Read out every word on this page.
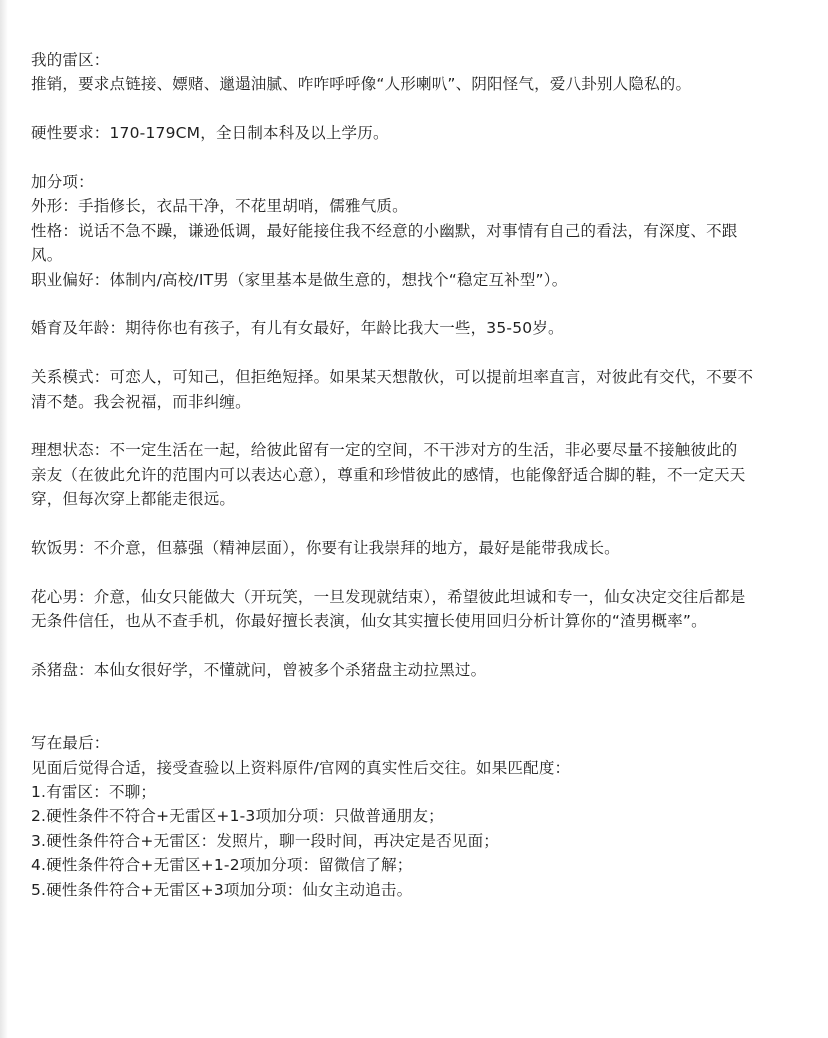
我的雷区：

推销，要求点链接、嫖赌、邋遢油腻、咋咋呼呼像“人形喇叭”、阴阳怪气，爱八卦别人隐私的。

硬性要求：170-179CM，全日制本科及以上学历。

加分项：

外形：手指修长，衣品干净，不花里胡哨，儒雅气质。

性格：说话不急不躁，谦逊低调，最好能接住我不经意的小幽默，对事情有自己的看法，有深度、不跟

风。

职业偏好：体制内/高校/IT男（家里基本是做生意的，想找个“稳定互补型”）。

婚育及年龄：期待你也有孩子，有儿有女最好，年龄比我大一些，35-50岁。

关系模式：可恋人，可知己，但拒绝短择。如果某天想散伙，可以提前坦率直言，对彼此有交代，不要不

清不楚。我会祝福，而非纠缠。

理想状态：不一定生活在一起，给彼此留有一定的空间，不干涉对方的生活，非必要尽量不接触彼此的

亲友（在彼此允许的范围内可以表达心意），尊重和珍惜彼此的感情，也能像舒适合脚的鞋，不一定天天

穿，但每次穿上都能走很远。

软饭男：不介意，但慕强（精神层面），你要有让我崇拜的地方，最好是能带我成长。

花心男：介意，仙女只能做大（开玩笑，一旦发现就结束），希望彼此坦诚和专一，仙女决定交往后都是

无条件信任，也从不查手机，你最好擅长表演，仙女其实擅长使用回归分析计算你的“渣男概率”。

杀猪盘：本仙女很好学，不懂就问，曾被多个杀猪盘主动拉黑过。

写在最后：

见面后觉得合适，接受查验以上资料原件/官网的真实性后交往。如果匹配度：

1.有雷区：不聊；

2.硬性条件不符合+无雷区+1-3项加分项：只做普通朋友；

3.硬性条件符合+无雷区：发照片，聊一段时间，再决定是否见面；

4.硬性条件符合+无雷区+1-2项加分项：留微信了解；

5.硬性条件符合+无雷区+3项加分项：仙女主动追击。
